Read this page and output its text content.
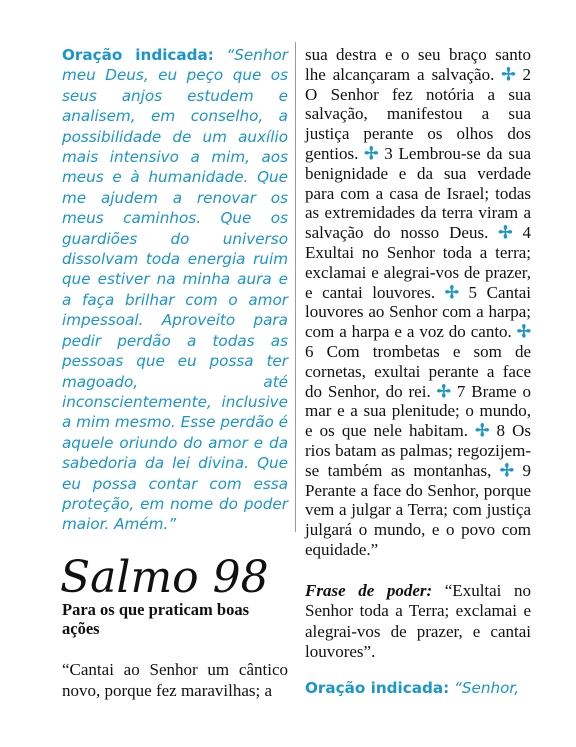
Oração indicada: “Senhor meu Deus, eu peço que os seus anjos estudem e analisem, em conselho, a possibilidade de um auxílio mais intensivo a mim, aos meus e à humanidade. Que me ajudem a renovar os meus caminhos. Que os guardiões do universo dissolvam toda energia ruim que estiver na minha aura e a faça brilhar com o amor impessoal. Aproveito para pedir perdão a todas as pessoas que eu possa ter magoado, até inconscientemente, inclusive a mim mesmo. Esse perdão é aquele oriundo do amor e da sabedoria da lei divina. Que eu possa contar com essa proteção, em nome do poder maior. Amém.”
Salmo 98
Para os que praticam boas ações
“Cantai ao Senhor um cântico novo, porque fez maravilhas; a
sua destra e o seu braço santo lhe alcançaram a salvação. ✢ 2 O Senhor fez notória a sua salvação, manifestou a sua justiça perante os olhos dos gentios. ✢ 3 Lembrou-se da sua benignidade e da sua verdade para com a casa de Israel; todas as extremidades da terra viram a salvação do nosso Deus. ✢ 4 Exultai no Senhor toda a terra; exclamai e alegrai-vos de prazer, e cantai louvores. ✢ 5 Cantai louvores ao Senhor com a harpa; com a harpa e a voz do canto. ✢ 6 Com trombetas e som de cornetas, exultai perante a face do Senhor, do rei. ✢ 7 Brame o mar e a sua plenitude; o mundo, e os que nele habitam. ✢ 8 Os rios batam as palmas; regozijem-se também as montanhas, ✢ 9 Perante a face do Senhor, porque vem a julgar a Terra; com justiça julgará o mundo, e o povo com equidade.”
Frase de poder: “Exultai no Senhor toda a Terra; exclamai e alegrai-vos de prazer, e cantai louvores”.
Oração indicada: “Senhor,
